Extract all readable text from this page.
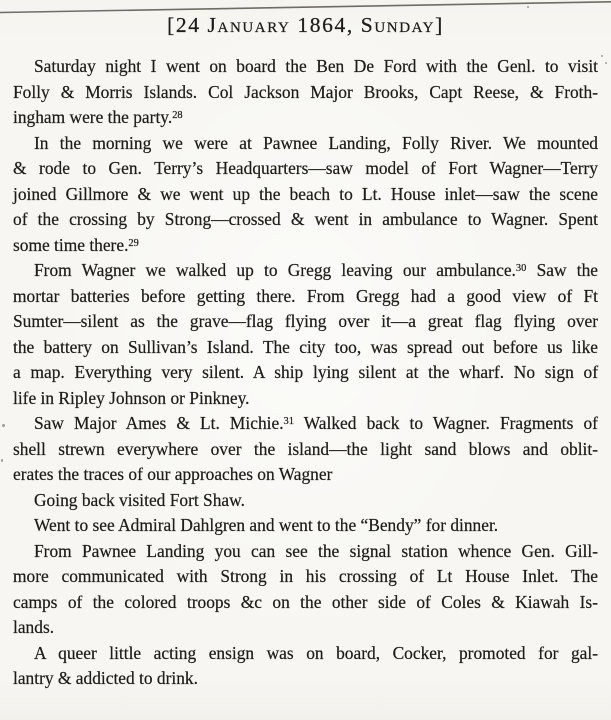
[24 January 1864, Sunday]
Saturday night I went on board the Ben De Ford with the Genl. to visit
Folly & Morris Islands. Col Jackson Major Brooks, Capt Reese, & Froth-
ingham were the party.$^{28}$
In the morning we were at Pawnee Landing, Folly River. We mounted
& rode to Gen. Terry’s Headquarters—saw model of Fort Wagner—Terry
joined Gillmore & we went up the beach to Lt. House inlet—saw the scene
of the crossing by Strong—crossed & went in ambulance to Wagner. Spent
some time there.$^{29}$
From Wagner we walked up to Gregg leaving our ambulance.$^{30}$ Saw the
mortar batteries before getting there. From Gregg had a good view of Ft
Sumter—silent as the grave—flag flying over it—a great flag flying over
the battery on Sullivan’s Island. The city too, was spread out before us like
a map. Everything very silent. A ship lying silent at the wharf. No sign of
life in Ripley Johnson or Pinkney.
Saw Major Ames & Lt. Michie.$^{31}$ Walked back to Wagner. Fragments of
shell strewn everywhere over the island—the light sand blows and oblit-
erates the traces of our approaches on Wagner
Going back visited Fort Shaw.
Went to see Admiral Dahlgren and went to the “Bendy” for dinner.
From Pawnee Landing you can see the signal station whence Gen. Gill-
more communicated with Strong in his crossing of Lt House Inlet. The
camps of the colored troops &c on the other side of Coles & Kiawah Is-
lands.
A queer little acting ensign was on board, Cocker, promoted for gal-
lantry & addicted to drink.
